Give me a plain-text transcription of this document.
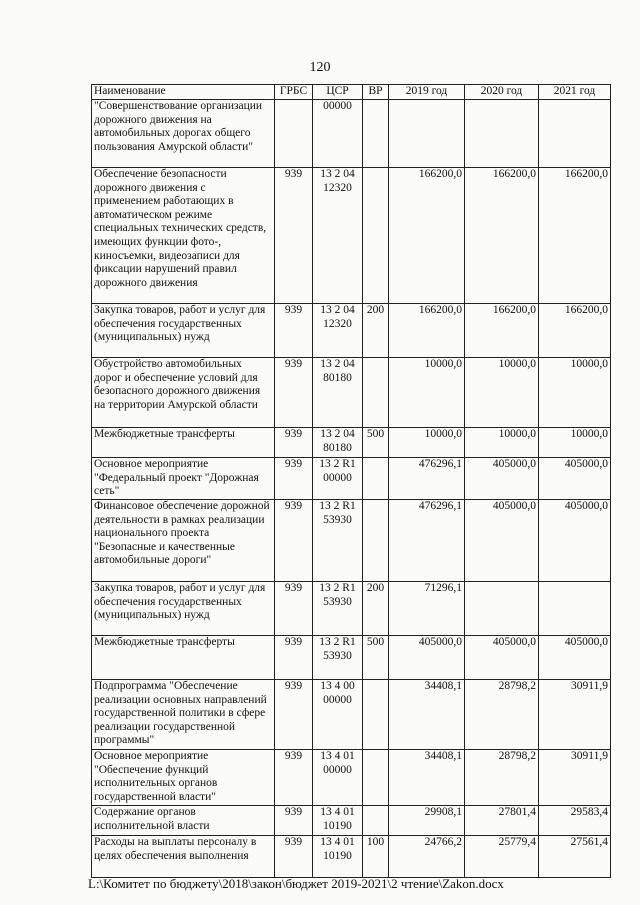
120
Наименование	ГРБС	ЦСР	ВР	2019 год	2020 год	2021 год
"Совершенствование организации дорожного движения на автомобильных дорогах общего пользования Амурской области"		00000				
Обеспечение безопасности дорожного движения с применением работающих в автоматическом режиме специальных технических средств, имеющих функции фото-, киносъемки, видеозаписи для фиксации нарушений правил дорожного движения	939	13 2 04 12320		166200,0	166200,0	166200,0
Закупка товаров, работ и услуг для обеспечения государственных (муниципальных) нужд	939	13 2 04 12320	200	166200,0	166200,0	166200,0
Обустройство автомобильных дорог и обеспечение условий для безопасного дорожного движения на территории Амурской области	939	13 2 04 80180		10000,0	10000,0	10000,0
Межбюджетные трансферты	939	13 2 04 80180	500	10000,0	10000,0	10000,0
Основное мероприятие "Федеральный проект "Дорожная сеть"	939	13 2 R1 00000		476296,1	405000,0	405000,0
Финансовое обеспечение дорожной деятельности в рамках реализации национального проекта "Безопасные и качественные автомобильные дороги"	939	13 2 R1 53930		476296,1	405000,0	405000,0
Закупка товаров, работ и услуг для обеспечения государственных (муниципальных) нужд	939	13 2 R1 53930	200	71296,1		
Межбюджетные трансферты	939	13 2 R1 53930	500	405000,0	405000,0	405000,0
Подпрограмма "Обеспечение реализации основных направлений государственной политики в сфере реализации государственной программы"	939	13 4 00 00000		34408,1	28798,2	30911,9
Основное мероприятие "Обеспечение функций исполнительных органов государственной власти"	939	13 4 01 00000		34408,1	28798,2	30911,9
Содержание органов исполнительной власти	939	13 4 01 10190		29908,1	27801,4	29583,4
Расходы на выплаты персоналу в целях обеспечения выполнения	939	13 4 01 10190	100	24766,2	25779,4	27561,4
L:\Комитет по бюджету\2018\закон\бюджет 2019-2021\2 чтение\Zakon.docx
